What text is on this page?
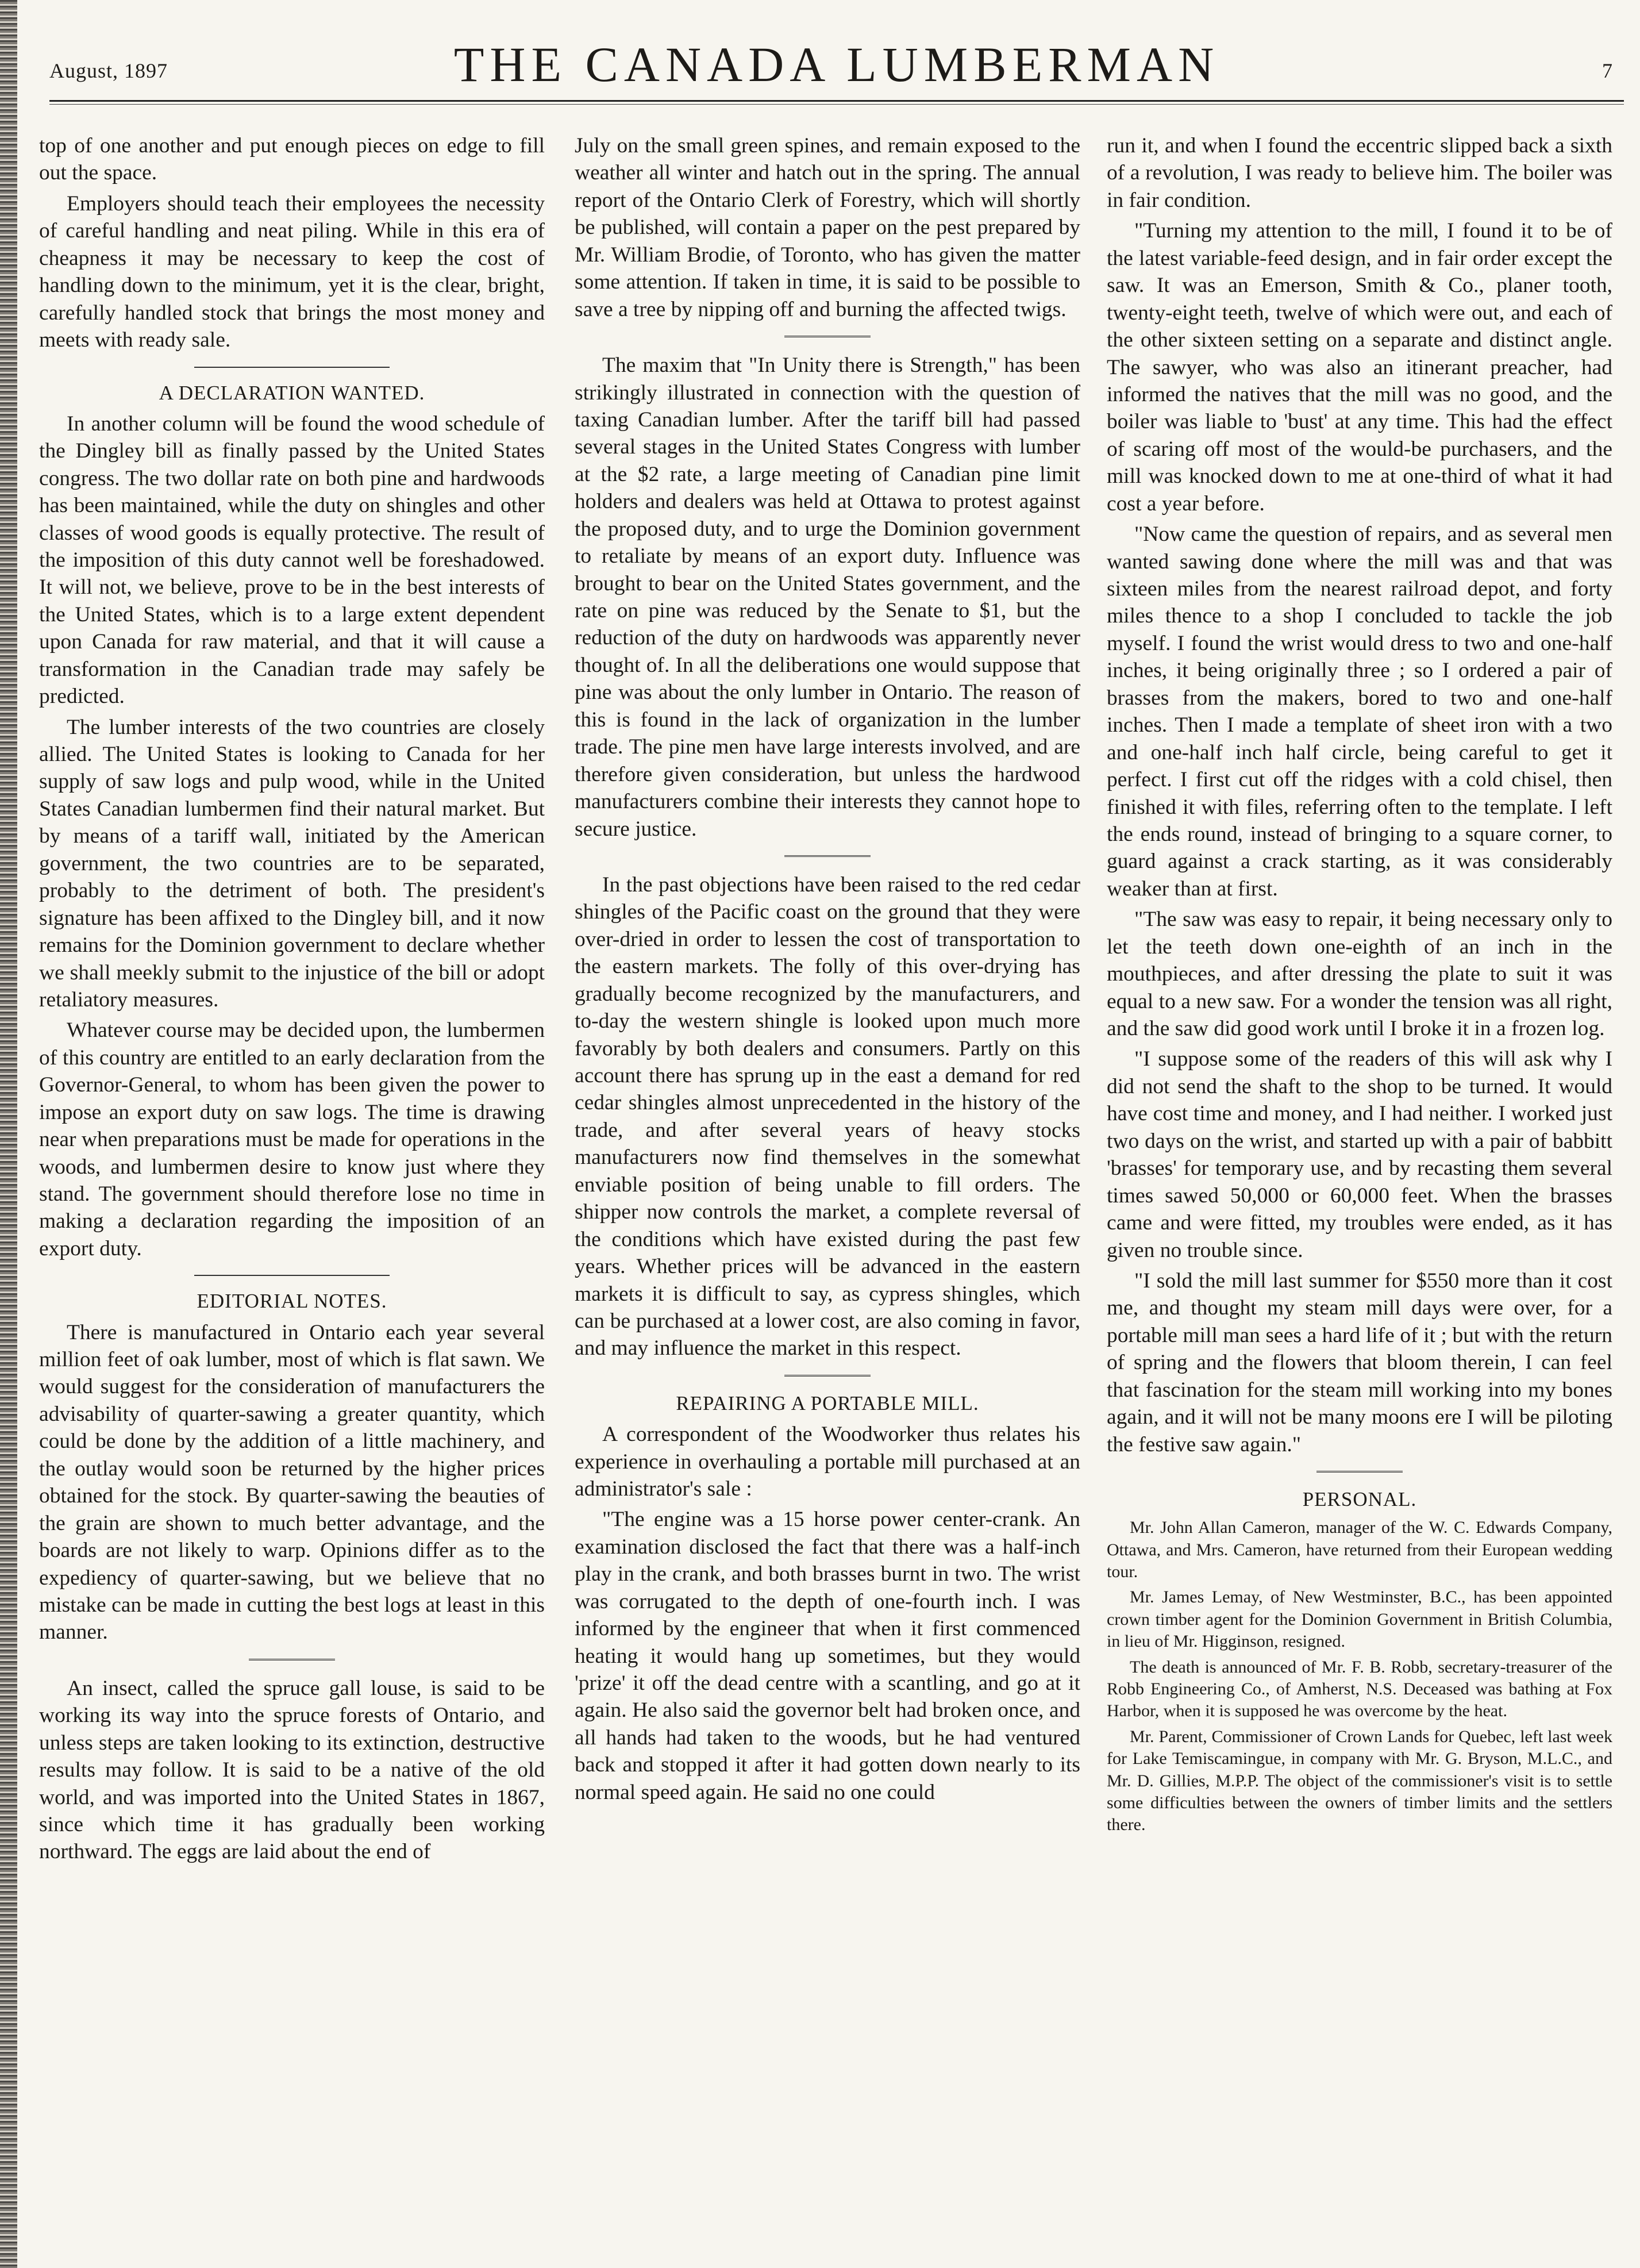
August, 1897	THE CANADA LUMBERMAN	7

top of one another and put enough pieces on edge to fill out the space.

Employers should teach their employees the necessity of careful handling and neat piling. While in this era of cheapness it may be necessary to keep the cost of handling down to the minimum, yet it is the clear, bright, carefully handled stock that brings the most money and meets with ready sale.

A DECLARATION WANTED.

In another column will be found the wood schedule of the Dingley bill as finally passed by the United States congress. The two dollar rate on both pine and hardwoods has been maintained, while the duty on shingles and other classes of wood goods is equally protective. The result of the imposition of this duty cannot well be foreshadowed. It will not, we believe, prove to be in the best interests of the United States, which is to a large extent dependent upon Canada for raw material, and that it will cause a transformation in the Canadian trade may safely be predicted.

The lumber interests of the two countries are closely allied. The United States is looking to Canada for her supply of saw logs and pulp wood, while in the United States Canadian lumbermen find their natural market. But by means of a tariff wall, initiated by the American government, the two countries are to be separated, probably to the detriment of both. The president's signature has been affixed to the Dingley bill, and it now remains for the Dominion government to declare whether we shall meekly submit to the injustice of the bill or adopt retaliatory measures.

Whatever course may be decided upon, the lumbermen of this country are entitled to an early declaration from the Governor-General, to whom has been given the power to impose an export duty on saw logs. The time is drawing near when preparations must be made for operations in the woods, and lumbermen desire to know just where they stand. The government should therefore lose no time in making a declaration regarding the imposition of an export duty.

EDITORIAL NOTES.

There is manufactured in Ontario each year several million feet of oak lumber, most of which is flat sawn. We would suggest for the consideration of manufacturers the advisability of quarter-sawing a greater quantity, which could be done by the addition of a little machinery, and the outlay would soon be returned by the higher prices obtained for the stock. By quarter-sawing the beauties of the grain are shown to much better advantage, and the boards are not likely to warp. Opinions differ as to the expediency of quarter-sawing, but we believe that no mistake can be made in cutting the best logs at least in this manner.

An insect, called the spruce gall louse, is said to be working its way into the spruce forests of Ontario, and unless steps are taken looking to its extinction, destructive results may follow. It is said to be a native of the old world, and was imported into the United States in 1867, since which time it has gradually been working northward. The eggs are laid about the end of

July on the small green spines, and remain exposed to the weather all winter and hatch out in the spring. The annual report of the Ontario Clerk of Forestry, which will shortly be published, will contain a paper on the pest prepared by Mr. William Brodie, of Toronto, who has given the matter some attention. If taken in time, it is said to be possible to save a tree by nipping off and burning the affected twigs.

The maxim that "In Unity there is Strength," has been strikingly illustrated in connection with the question of taxing Canadian lumber. After the tariff bill had passed several stages in the United States Congress with lumber at the $2 rate, a large meeting of Canadian pine limit holders and dealers was held at Ottawa to protest against the proposed duty, and to urge the Dominion government to retaliate by means of an export duty. Influence was brought to bear on the United States government, and the rate on pine was reduced by the Senate to $1, but the reduction of the duty on hardwoods was apparently never thought of. In all the deliberations one would suppose that pine was about the only lumber in Ontario. The reason of this is found in the lack of organization in the lumber trade. The pine men have large interests involved, and are therefore given consideration, but unless the hardwood manufacturers combine their interests they cannot hope to secure justice.

In the past objections have been raised to the red cedar shingles of the Pacific coast on the ground that they were over-dried in order to lessen the cost of transportation to the eastern markets. The folly of this over-drying has gradually become recognized by the manufacturers, and to-day the western shingle is looked upon much more favorably by both dealers and consumers. Partly on this account there has sprung up in the east a demand for red cedar shingles almost unprecedented in the history of the trade, and after several years of heavy stocks manufacturers now find themselves in the somewhat enviable position of being unable to fill orders. The shipper now controls the market, a complete reversal of the conditions which have existed during the past few years. Whether prices will be advanced in the eastern markets it is difficult to say, as cypress shingles, which can be purchased at a lower cost, are also coming in favor, and may influence the market in this respect.

REPAIRING A PORTABLE MILL.

A correspondent of the Woodworker thus relates his experience in overhauling a portable mill purchased at an administrator's sale :

"The engine was a 15 horse power center-crank. An examination disclosed the fact that there was a half-inch play in the crank, and both brasses burnt in two. The wrist was corrugated to the depth of one-fourth inch. I was informed by the engineer that when it first commenced heating it would hang up sometimes, but they would 'prize' it off the dead centre with a scantling, and go at it again. He also said the governor belt had broken once, and all hands had taken to the woods, but he had ventured back and stopped it after it had gotten down nearly to its normal speed again. He said no one could

run it, and when I found the eccentric slipped back a sixth of a revolution, I was ready to believe him. The boiler was in fair condition.

"Turning my attention to the mill, I found it to be of the latest variable-feed design, and in fair order except the saw. It was an Emerson, Smith & Co., planer tooth, twenty-eight teeth, twelve of which were out, and each of the other sixteen setting on a separate and distinct angle. The sawyer, who was also an itinerant preacher, had informed the natives that the mill was no good, and the boiler was liable to 'bust' at any time. This had the effect of scaring off most of the would-be purchasers, and the mill was knocked down to me at one-third of what it had cost a year before.

"Now came the question of repairs, and as several men wanted sawing done where the mill was and that was sixteen miles from the nearest railroad depot, and forty miles thence to a shop I concluded to tackle the job myself. I found the wrist would dress to two and one-half inches, it being originally three ; so I ordered a pair of brasses from the makers, bored to two and one-half inches. Then I made a template of sheet iron with a two and one-half inch half circle, being careful to get it perfect. I first cut off the ridges with a cold chisel, then finished it with files, referring often to the template. I left the ends round, instead of bringing to a square corner, to guard against a crack starting, as it was considerably weaker than at first.

"The saw was easy to repair, it being necessary only to let the teeth down one-eighth of an inch in the mouthpieces, and after dressing the plate to suit it was equal to a new saw. For a wonder the tension was all right, and the saw did good work until I broke it in a frozen log.

"I suppose some of the readers of this will ask why I did not send the shaft to the shop to be turned. It would have cost time and money, and I had neither. I worked just two days on the wrist, and started up with a pair of babbitt 'brasses' for temporary use, and by recasting them several times sawed 50,000 or 60,000 feet. When the brasses came and were fitted, my troubles were ended, as it has given no trouble since.

"I sold the mill last summer for $550 more than it cost me, and thought my steam mill days were over, for a portable mill man sees a hard life of it ; but with the return of spring and the flowers that bloom therein, I can feel that fascination for the steam mill working into my bones again, and it will not be many moons ere I will be piloting the festive saw again."

PERSONAL.

Mr. John Allan Cameron, manager of the W. C. Edwards Company, Ottawa, and Mrs. Cameron, have returned from their European wedding tour.

Mr. James Lemay, of New Westminster, B.C., has been appointed crown timber agent for the Dominion Government in British Columbia, in lieu of Mr. Higginson, resigned.

The death is announced of Mr. F. B. Robb, secretary-treasurer of the Robb Engineering Co., of Amherst, N.S. Deceased was bathing at Fox Harbor, when it is supposed he was overcome by the heat.

Mr. Parent, Commissioner of Crown Lands for Quebec, left last week for Lake Temiscamingue, in company with Mr. G. Bryson, M.L.C., and Mr. D. Gillies, M.P.P. The object of the commissioner's visit is to settle some difficulties between the owners of timber limits and the settlers there.
